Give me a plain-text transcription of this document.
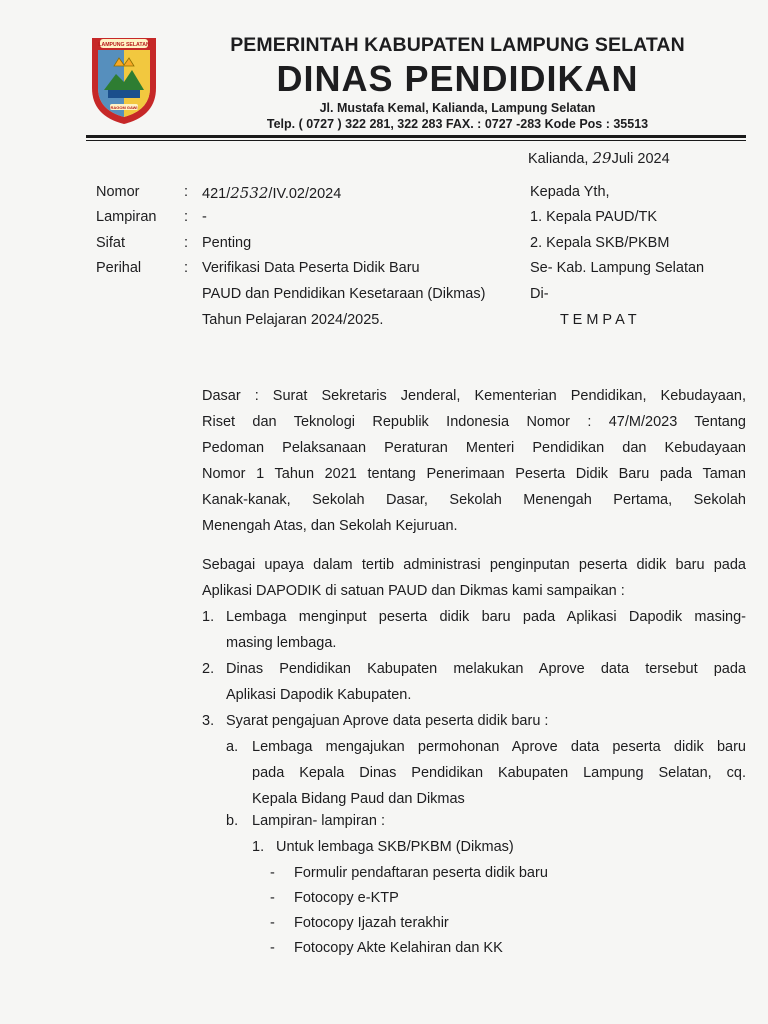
LAMPUNG SELATAN
RAGOM GAWI
PEMERINTAH KABUPATEN LAMPUNG SELATAN
DINAS PENDIDIKAN
Jl. Mustafa Kemal, Kalianda, Lampung Selatan
Telp. ( 0727 ) 322 281, 322 283 FAX. : 0727 -283 Kode Pos : 35513
Kalianda, 29Juli 2024
Nomor	: 421/2532/IV.02/2024
Lampiran : -
Sifat	: Penting
Perihal	: Verifikasi Data Peserta Didik Baru
PAUD dan Pendidikan Kesetaraan (Dikmas)
Tahun Pelajaran 2024/2025.
Kepada Yth,
1. Kepala PAUD/TK
2. Kepala SKB/PKBM
Se- Kab. Lampung Selatan
Di-
T E M P A T
Dasar : Surat Sekretaris Jenderal, Kementerian Pendidikan, Kebudayaan,
Riset dan Teknologi Republik Indonesia Nomor : 47/M/2023 Tentang
Pedoman Pelaksanaan Peraturan Menteri Pendidikan dan Kebudayaan
Nomor 1 Tahun 2021 tentang Penerimaan Peserta Didik Baru pada Taman
Kanak-kanak, Sekolah Dasar, Sekolah Menengah Pertama, Sekolah
Menengah Atas, dan Sekolah Kejuruan.
Sebagai upaya dalam tertib administrasi penginputan peserta didik baru pada
Aplikasi DAPODIK di satuan PAUD dan Dikmas kami sampaikan :
1. Lembaga menginput peserta didik baru pada Aplikasi Dapodik masing-
masing lembaga.
2. Dinas Pendidikan Kabupaten melakukan Aprove data tersebut pada
Aplikasi Dapodik Kabupaten.
3. Syarat pengajuan Aprove data peserta didik baru :
a. Lembaga mengajukan permohonan Aprove data peserta didik baru
pada Kepala Dinas Pendidikan Kabupaten Lampung Selatan, cq.
Kepala Bidang Paud dan Dikmas
b. Lampiran- lampiran :
1. Untuk lembaga SKB/PKBM (Dikmas)
- Formulir pendaftaran peserta didik baru
- Fotocopy e-KTP
- Fotocopy Ijazah terakhir
- Fotocopy Akte Kelahiran dan KK
